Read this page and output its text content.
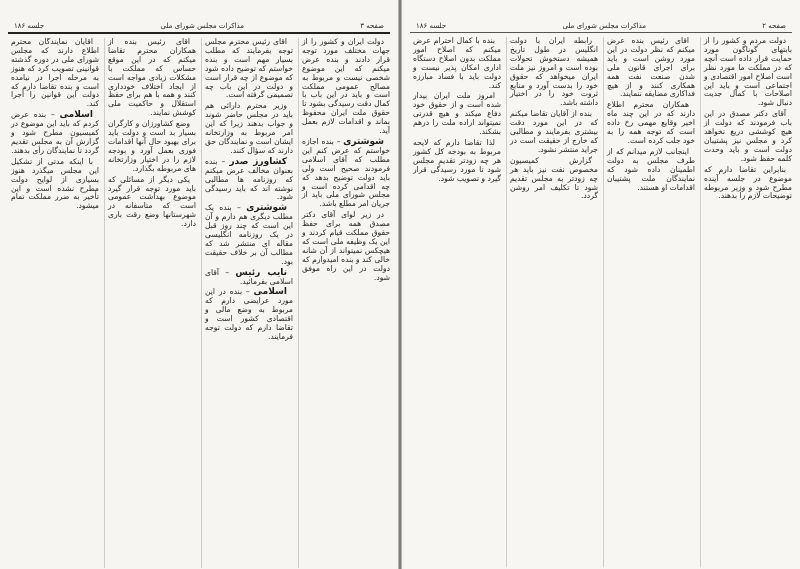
صفحه ۳
مذاکرات مجلس شورای ملی
جلسه ۱۸۶

دولت ایران و کشور را از جهات مختلف مورد توجه قرار دادند و بنده عرض میکنم که این موضوع شخصی نیست و مربوط به مصالح عمومی مملکت است و باید در این باب با کمال دقت رسیدگی بشود تا حقوق ملت ایران محفوظ بماند و اقدامات لازم بعمل آید.

شوشتری – بنده اجازه خواستم که عرض کنم این مطلب که آقای اسلامی فرمودند صحیح است ولی باید دولت توضیح بدهد که چه اقدامی کرده است و مجلس شورای ملی باید از جریان امر مطلع باشد.

در زیر لوای آقای دکتر مصدق همه برای حفظ حقوق مملکت قیام کردند و این یک وظیفه ملی است که هیچکس نمیتواند از آن شانه خالی کند و بنده امیدوارم که دولت در این راه موفق شود.

آقای رئیس محترم مجلس توجه بفرمایند که مطلب بسیار مهم است و بنده خواستم که توضیح داده شود که موضوع از چه قرار است و دولت در این باب چه تصمیمی گرفته است.

وزیر محترم دارائی هم باید در مجلس حاضر شوند و جواب بدهند زیرا که این امر مربوط به وزارتخانه ایشان است و نمایندگان حق دارند که سؤال کنند.

کشاورز صدر – بنده بعنوان مخالف عرض میکنم که روزنامه ها مطالبی نوشته اند که باید رسیدگی شود.

شوشتری – بنده یک مطلب دیگری هم دارم و آن این است که چند روز قبل در یک روزنامه انگلیسی مقاله ای منتشر شد که مطالب آن بر خلاف حقیقت بود.

نایب رئیس – آقای اسلامی بفرمائید.

اسلامی – بنده در این مورد عرایضی دارم که مربوط به وضع مالی و اقتصادی کشور است و تقاضا دارم که دولت توجه فرمایند.

آقای رئیس بنده از همکاران محترم تقاضا میکنم که در این موقع حساس که مملکت با مشکلات زیادی مواجه است از ایجاد اختلاف خودداری کنند و همه با هم برای حفظ استقلال و حاکمیت ملی کوشش نمایند.

وضع کشاورزان و کارگران بسیار بد است و دولت باید برای بهبود حال آنها اقدامات فوری بعمل آورد و بودجه لازم را در اختیار وزارتخانه های مربوطه بگذارد.

یکی دیگر از مسائلی که باید مورد توجه قرار گیرد موضوع بهداشت عمومی است که متاسفانه در شهرستانها وضع رقت باری دارد.

آقایان نمایندگان محترم اطلاع دارند که مجلس شورای ملی در دوره گذشته قوانینی تصویب کرد که هنوز به مرحله اجرا در نیامده است و بنده تقاضا دارم که دولت این قوانین را اجرا کند.

اسلامی – بنده عرض کردم که باید این موضوع در کمیسیون مطرح شود و گزارش آن به مجلس تقدیم گردد تا نمایندگان رأی بدهند.

با اینکه مدتی از تشکیل این مجلس میگذرد هنوز بسیاری از لوایح دولت مطرح نشده است و این تأخیر به ضرر مملکت تمام میشود.

صفحه ۲
مذاکرات مجلس شورای ملی
جلسه ۱۸۶

دولت مردم و کشور را از بابتهای گوناگون مورد حمایت قرار داده است آنچه که در مملکت ما مورد نظر است اصلاح امور اقتصادی و اجتماعی است و باید این اصلاحات با کمال جدیت دنبال شود.

آقای دکتر مصدق در این باب فرمودند که دولت از هیچ کوششی دریغ نخواهد کرد و مجلس نیز پشتیبان دولت است و باید وحدت کلمه حفظ شود.

بنابراین تقاضا دارم که موضوع در جلسه آینده مطرح شود و وزیر مربوطه توضیحات لازم را بدهند.

آقای رئیس بنده عرض میکنم که نظر دولت در این مورد روشن است و باید برای اجرای قانون ملی شدن صنعت نفت همه همکاری کنند و از هیچ فداکاری مضایقه ننمایند.

همکاران محترم اطلاع دارند که در این چند ماه اخیر وقایع مهمی رخ داده است که توجه همه را به خود جلب کرده است.

اینجانب لازم میدانم که از طرف مجلس به دولت اطمینان داده شود که نمایندگان ملت پشتیبان اقدامات او هستند.

رابطه ایران با دولت انگلیس در طول تاریخ همیشه دستخوش تحولات بوده است و امروز نیز ملت ایران میخواهد که حقوق خود را بدست آورد و منابع ثروت خود را در اختیار داشته باشد.

بنده از آقایان تقاضا میکنم که در این مورد دقت بیشتری بفرمایند و مطالبی که خارج از حقیقت است در جراید منتشر نشود.

گزارش کمیسیون مخصوص نفت نیز باید هر چه زودتر به مجلس تقدیم شود تا تکلیف امر روشن گردد.

بنده با کمال احترام عرض میکنم که اصلاح امور مملکت بدون اصلاح دستگاه اداری امکان پذیر نیست و دولت باید با فساد مبارزه کند.

امروز ملت ایران بیدار شده است و از حقوق خود دفاع میکند و هیچ قدرتی نمیتواند اراده ملت را درهم بشکند.

لذا تقاضا دارم که لایحه مربوط به بودجه کل کشور هر چه زودتر تقدیم مجلس شود تا مورد رسیدگی قرار گیرد و تصویب شود.
